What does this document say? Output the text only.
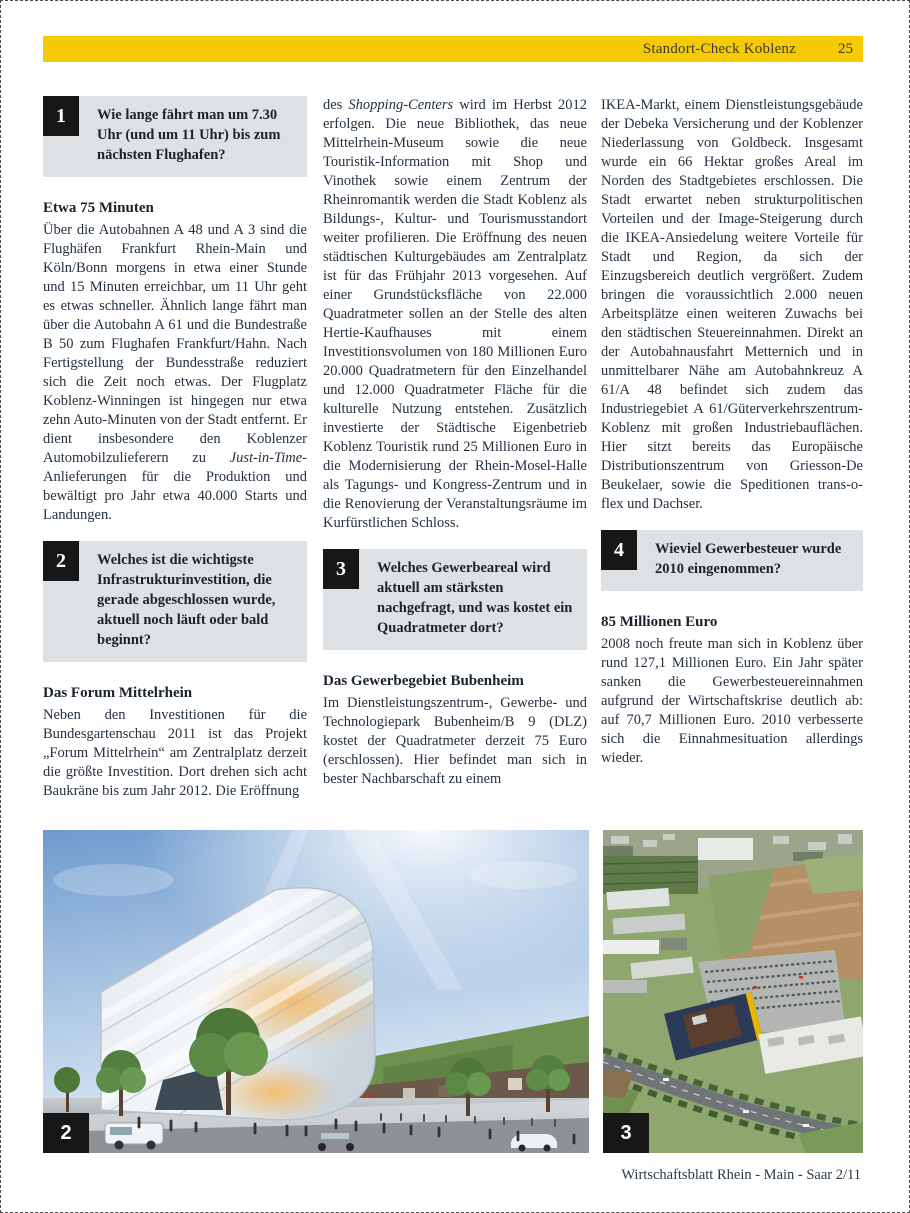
Standort-Check Koblenz	25
1	Wie lange fährt man um 7.30 Uhr (und um 11 Uhr) bis zum nächsten Flughafen?

Etwa 75 Minuten

Über die Autobahnen A 48 und A 3 sind die Flughäfen Frankfurt Rhein-Main und Köln/Bonn morgens in etwa einer Stunde und 15 Minuten erreichbar, um 11 Uhr geht es etwas schneller. Ähnlich lange fährt man über die Autobahn A 61 und die Bundestraße B 50 zum Flughafen Frankfurt/Hahn. Nach Fertigstellung der Bundesstraße reduziert sich die Zeit noch etwas. Der Flugplatz Koblenz-Winningen ist hingegen nur etwa zehn Auto-Minuten von der Stadt entfernt. Er dient insbesondere den Koblenzer Automobilzulieferern zu Just-in-Time-Anlieferungen für die Produktion und bewältigt pro Jahr etwa 40.000 Starts und Landungen.

2	Welches ist die wichtigste Infrastrukturinvestition, die gerade abgeschlossen wurde, aktuell noch läuft oder bald beginnt?

Das Forum Mittelrhein

Neben den Investitionen für die Bundesgartenschau 2011 ist das Projekt „Forum Mittelrhein“ am Zentralplatz derzeit die größte Investition. Dort drehen sich acht Baukräne bis zum Jahr 2012. Die Eröffnung

des Shopping-Centers wird im Herbst 2012 erfolgen. Die neue Bibliothek, das neue Mittelrhein-Museum sowie die neue Touristik-Information mit Shop und Vinothek sowie einem Zentrum der Rheinromantik werden die Stadt Koblenz als Bildungs-, Kultur- und Tourismusstandort weiter profilieren. Die Eröffnung des neuen städtischen Kulturgebäudes am Zentralplatz ist für das Frühjahr 2013 vorgesehen. Auf einer Grundstücksfläche von 22.000 Quadratmeter sollen an der Stelle des alten Hertie-Kaufhauses mit einem Investitionsvolumen von 180 Millionen Euro 20.000 Quadratmetern für den Einzelhandel und 12.000 Quadratmeter Fläche für die kulturelle Nutzung entstehen. Zusätzlich investierte der Städtische Eigenbetrieb Koblenz Touristik rund 25 Millionen Euro in die Modernisierung der Rhein-Mosel-Halle als Tagungs- und Kongress-Zentrum und in die Renovierung der Veranstaltungsräume im Kurfürstlichen Schloss.

3	Welches Gewerbeareal wird aktuell am stärksten nachgefragt, und was kostet ein Quadratmeter dort?

Das Gewerbegebiet Bubenheim

Im Dienstleistungszentrum-, Gewerbe- und Technologiepark Bubenheim/B 9 (DLZ) kostet der Quadratmeter derzeit 75 Euro (erschlossen). Hier befindet man sich in bester Nachbarschaft zu einem

IKEA-Markt, einem Dienstleistungsgebäude der Debeka Versicherung und der Koblenzer Niederlassung von Goldbeck. Insgesamt wurde ein 66 Hektar großes Areal im Norden des Stadtgebietes erschlossen. Die Stadt erwartet neben strukturpolitischen Vorteilen und der Image-Steigerung durch die IKEA-Ansiedelung weitere Vorteile für Stadt und Region, da sich der Einzugsbereich deutlich vergrößert. Zudem bringen die voraussichtlich 2.000 neuen Arbeitsplätze einen weiteren Zuwachs bei den städtischen Steuereinnahmen. Direkt an der Autobahnausfahrt Metternich und in unmittelbarer Nähe am Autobahnkreuz A 61/A 48 befindet sich zudem das Industriegebiet A 61/Güterverkehrszentrum-Koblenz mit großen Industriebauflächen. Hier sitzt bereits das Europäische Distributionszentrum von Griesson-De Beukelaer, sowie die Speditionen trans-o-flex und Dachser.

4	Wieviel Gewerbesteuer wurde 2010 eingenommen?

85 Millionen Euro

2008 noch freute man sich in Koblenz über rund 127,1 Millionen Euro. Ein Jahr später sanken die Gewerbesteuereinnahmen aufgrund der Wirtschaftskrise deutlich ab: auf 70,7 Millionen Euro. 2010 verbesserte sich die Einnahmesituation allerdings wieder.

2	3
Wirtschaftsblatt Rhein - Main - Saar 2/11
